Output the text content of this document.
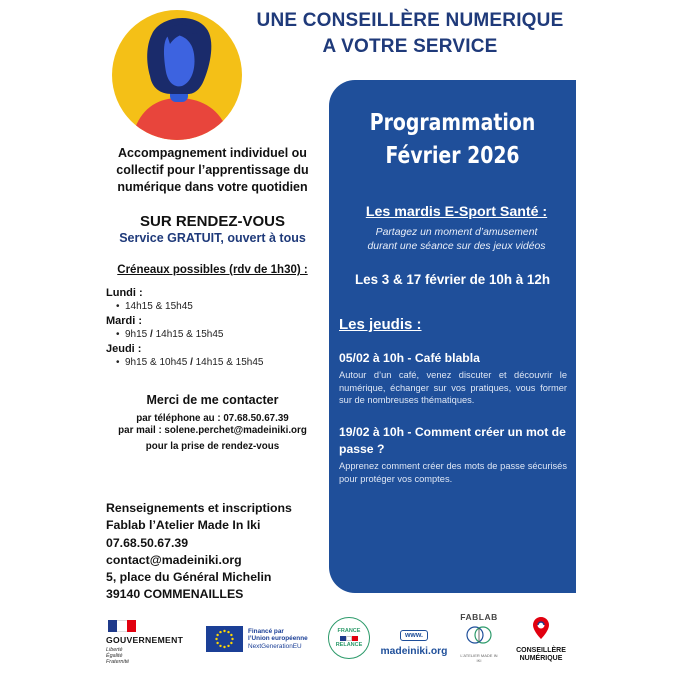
UNE CONSEILLÈRE NUMERIQUE
A VOTRE SERVICE
Accompagnement individuel ou
collectif pour l’apprentissage du
numérique dans votre quotidien
SUR RENDEZ-VOUS
Service GRATUIT, ouvert à tous
Créneaux possibles (rdv de 1h30) :
Lundi :
• 14h15 & 15h45
Mardi :
• 9h15 / 14h15 & 15h45
Jeudi :
• 9h15 & 10h45 / 14h15 & 15h45
Merci de me contacter
par téléphone au : 07.68.50.67.39
par mail : solene.perchet@madeiniki.org
pour la prise de rendez-vous
Renseignements et inscriptions
Fablab l’Atelier Made In Iki
07.68.50.67.39
contact@madeiniki.org
5, place du Général Michelin
39140 COMMENAILLES
Programmation
Février 2026
Les mardis E-Sport Santé :
Partagez un moment d’amusement
durant une séance sur des jeux vidéos
Les 3 & 17 février de 10h à 12h
Les jeudis :
05/02 à 10h - Café blabla
Autour d’un café, venez discuter et découvrir le numérique, échanger sur vos pratiques, vous former sur de nombreuses thématiques.
19/02 à 10h - Comment créer un mot de passe ?
Apprenez comment créer des mots de passe sécurisés pour protéger vos comptes.
GOUVERNEMENT
Liberté
Égalité
Fraternité
Financé par
l’Union européenne
NextGenerationEU
FRANCE
RELANCE
www.
madeiniki.org
FABLAB
L'ATELIER MADE IN IKI
CONSEILLÈRE
NUMÉRIQUE
